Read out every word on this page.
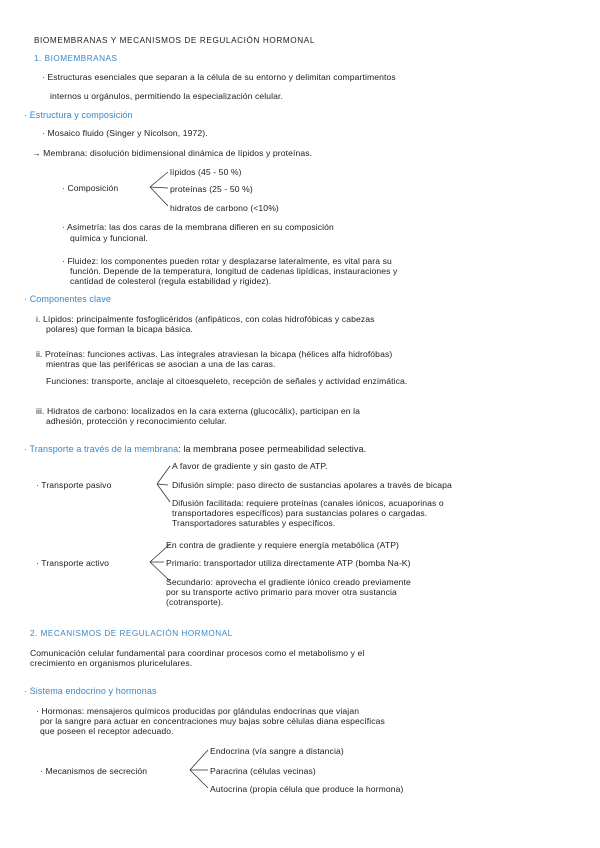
BIOMEMBRANAS Y MECANISMOS DE REGULACIÓN HORMONAL
1. BIOMEMBRANAS
· Estructuras esenciales que separan a la célula de su entorno y delimitan compartimentos
internos u orgánulos, permitiendo la especialización celular.
· Estructura y composición
· Mosaico fluido (Singer y Nicolson, 1972).
→ Membrana: disolución bidimensional dinámica de lípidos y proteínas.
· Composición
lípidos (45 - 50 %)
proteínas (25 - 50 %)
hidratos de carbono (<10%)
· Asimetría: las dos caras de la membrana difieren en su composición
química y funcional.
· Fluidez: los componentes pueden rotar y desplazarse lateralmente, es vital para su
función. Depende de la temperatura, longitud de cadenas lipídicas, instauraciones y
cantidad de colesterol (regula estabilidad y rigidez).
· Componentes clave
i. Lípidos: principalmente fosfoglicéridos (anfipáticos, con colas hidrofóbicas y cabezas
polares) que forman la bicapa básica.
ii. Proteínas: funciones activas. Las integrales atraviesan la bicapa (hélices alfa hidrofóbas)
mientras que las periféricas se asocian a una de las caras.
Funciones: transporte, anclaje al citoesqueleto, recepción de señales y actividad enzimática.
iii. Hidratos de carbono: localizados en la cara externa (glucocálix), participan en la
adhesión, protección y reconocimiento celular.
· Transporte a través de la membrana: la membrana posee permeabilidad selectiva.
· Transporte pasivo
A favor de gradiente y sin gasto de ATP.
Difusión simple: paso directo de sustancias apolares a través de bicapa
Difusión facilitada: requiere proteínas (canales iónicos, acuaporinas o
transportadores específicos) para sustancias polares o cargadas.
Transportadores saturables y específicos.
· Transporte activo
En contra de gradiente y requiere energía metabólica (ATP)
Primario: transportador utiliza directamente ATP (bomba Na-K)
Secundario: aprovecha el gradiente iónico creado previamente
por su transporte activo primario para mover otra sustancia
(cotransporte).
2. MECANISMOS DE REGULACIÓN HORMONAL
Comunicación celular fundamental para coordinar procesos como el metabolismo y el
crecimiento en organismos pluricelulares.
· Sistema endocrino y hormonas
· Hormonas: mensajeros químicos producidas por glándulas endocrinas que viajan
por la sangre para actuar en concentraciones muy bajas sobre células diana específicas
que poseen el receptor adecuado.
· Mecanismos de secreción
Endocrina (vía sangre a distancia)
Paracrina (células vecinas)
Autocrina (propia célula que produce la hormona)
